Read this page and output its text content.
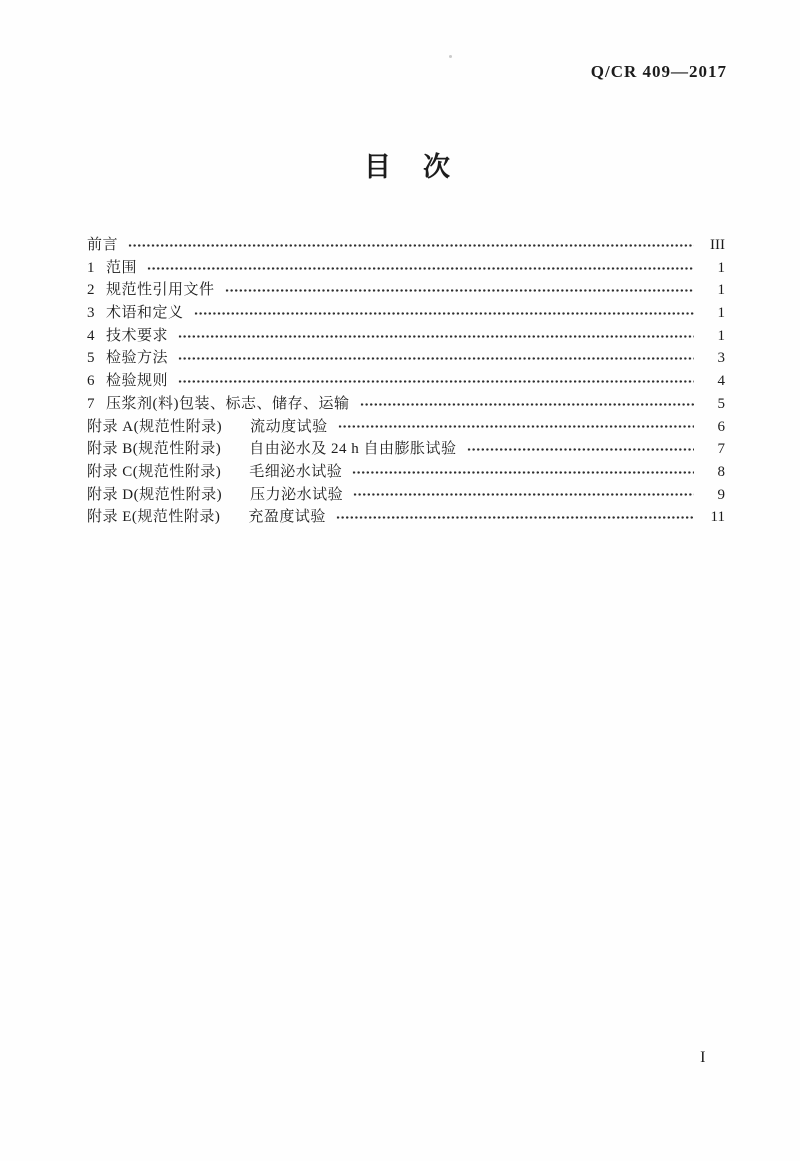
Q/CR 409—2017
目 次
前言	III
1 范围	1
2 规范性引用文件	1
3 术语和定义	1
4 技术要求	1
5 检验方法	3
6 检验规则	4
7 压浆剂(料)包装、标志、储存、运输	5
附录 A(规范性附录) 流动度试验	6
附录 B(规范性附录) 自由泌水及 24 h 自由膨胀试验	7
附录 C(规范性附录) 毛细泌水试验	8
附录 D(规范性附录) 压力泌水试验	9
附录 E(规范性附录) 充盈度试验	11
I
